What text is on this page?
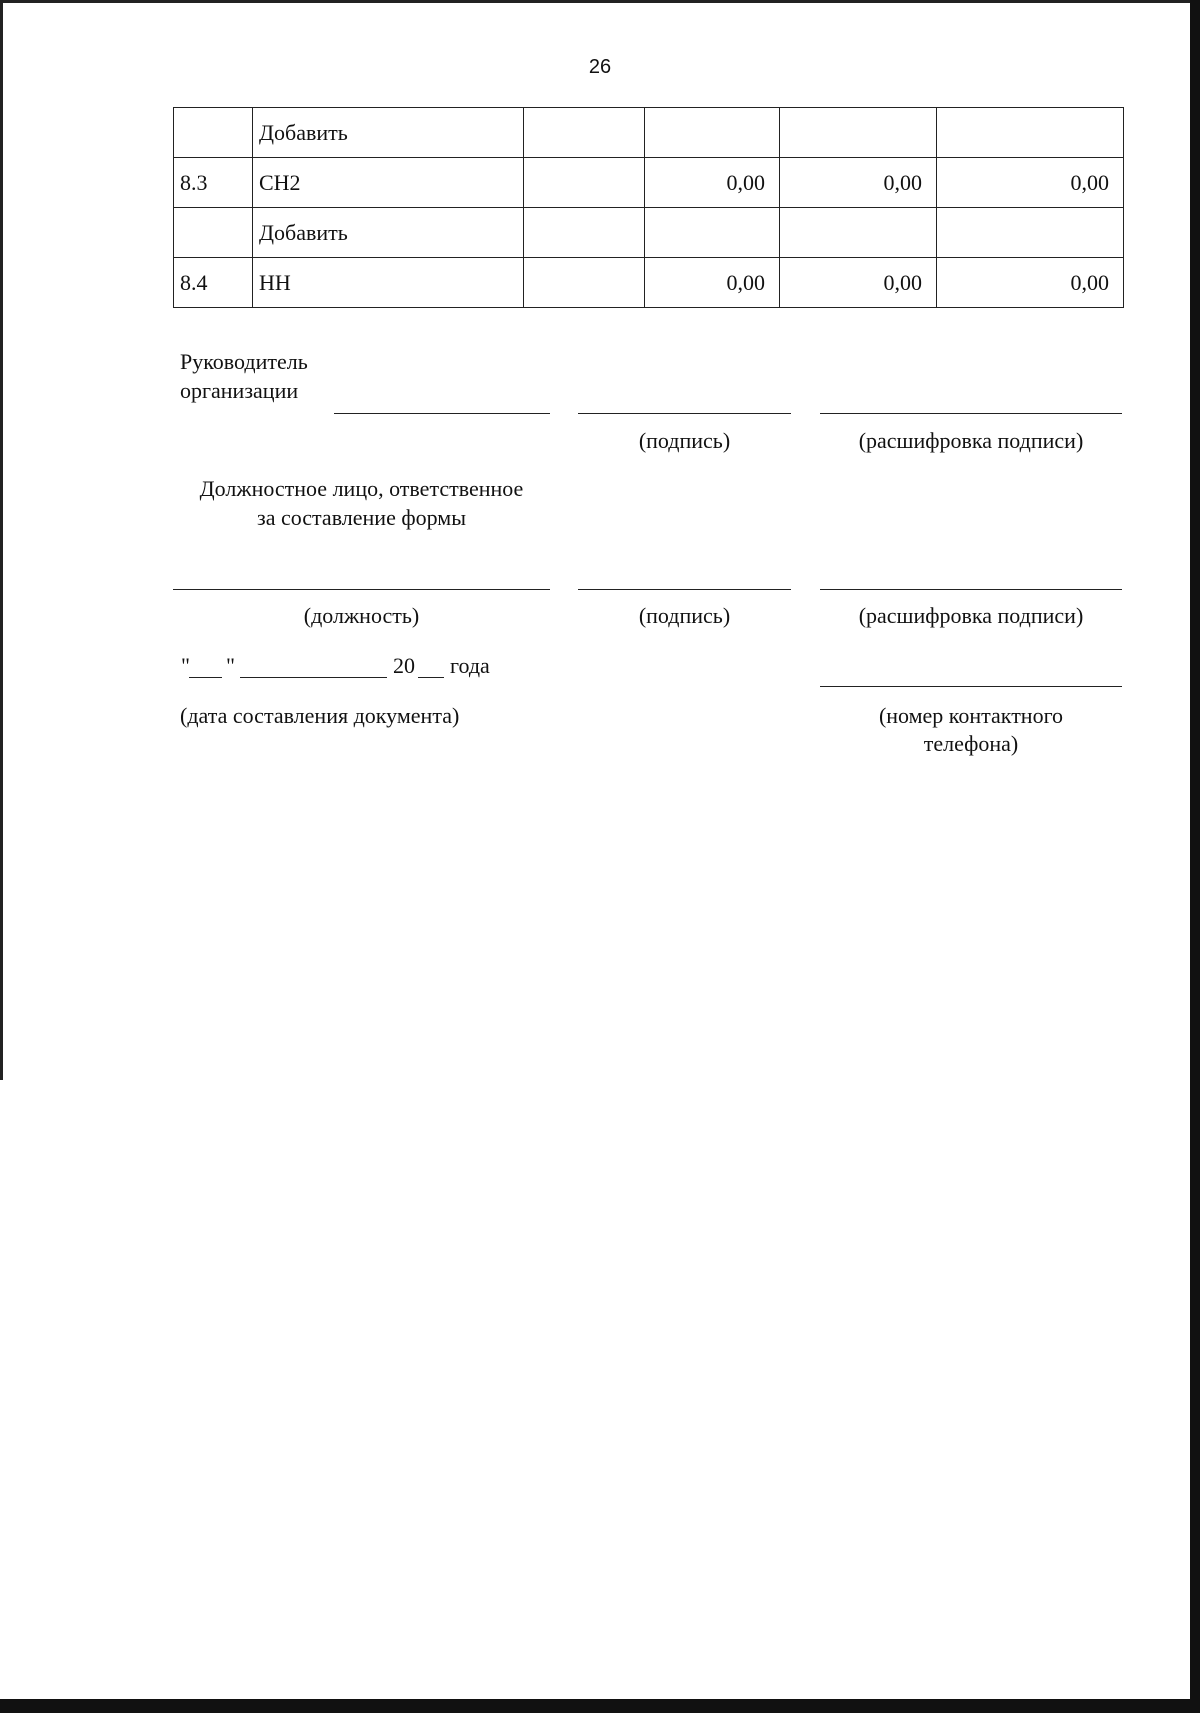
26
	Добавить				
8.3	СН2		0,00	0,00	0,00
	Добавить				
8.4	НН		0,00	0,00	0,00
Руководитель
организации
(подпись)	(расшифровка подписи)
Должностное лицо, ответственное
за составление формы
(должность)	(подпись)	(расшифровка подписи)
" "	20 года
(дата составления документа)	(номер контактного
телефона)
